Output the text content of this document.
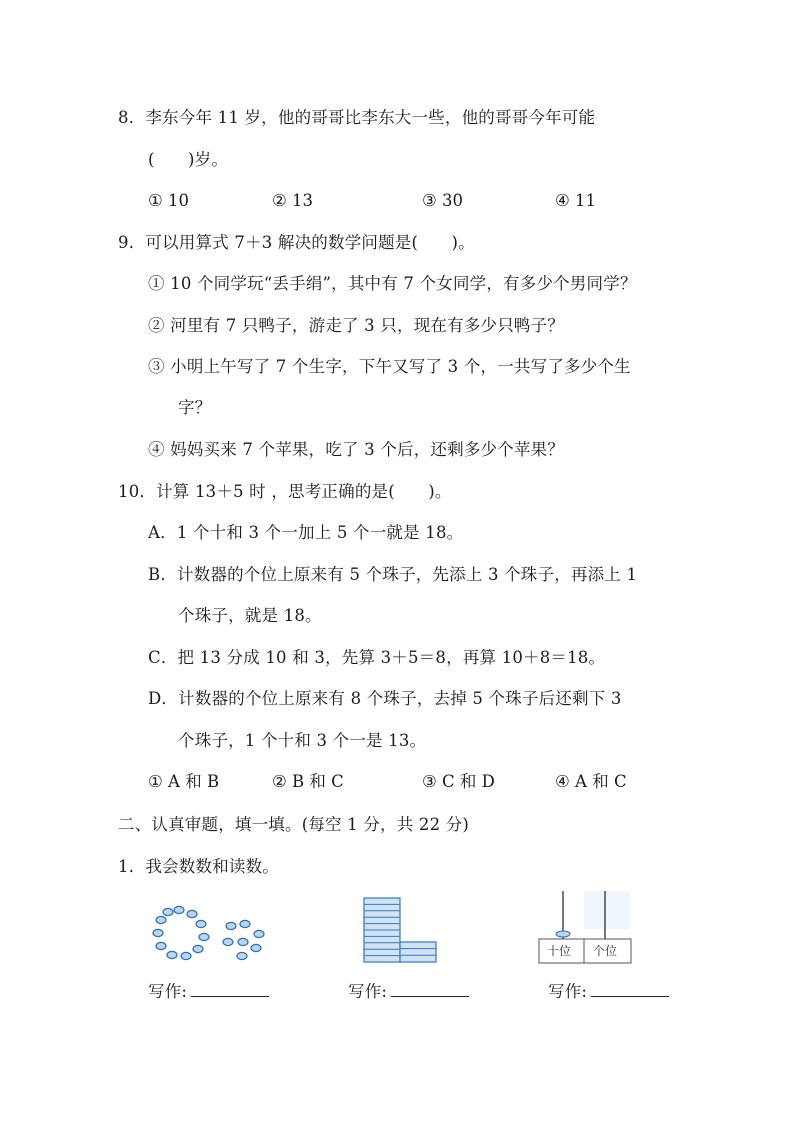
8．李东今年 11 岁，他的哥哥比李东大一些，他的哥哥今年可能
(　　)岁。
① 10	② 13	③ 30	④ 11
9．可以用算式 7＋3 解决的数学问题是(　　)。
① 10 个同学玩“丢手绢”，其中有 7 个女同学，有多少个男同学？
② 河里有 7 只鸭子，游走了 3 只，现在有多少只鸭子？
③ 小明上午写了 7 个生字，下午又写了 3 个，一共写了多少个生
字？
④ 妈妈买来 7 个苹果，吃了 3 个后，还剩多少个苹果？
10．计算 13＋5 时 ，思考正确的是(　　)。
A．1 个十和 3 个一加上 5 个一就是 18。
B．计数器的个位上原来有 5 个珠子，先添上 3 个珠子，再添上 1
个珠子，就是 18。
C．把 13 分成 10 和 3，先算 3＋5＝8，再算 10＋8＝18。
D．计数器的个位上原来有 8 个珠子，去掉 5 个珠子后还剩下 3
个珠子，1 个十和 3 个一是 13。
① A 和 B	② B 和 C	③ C 和 D	④ A 和 C
二、认真审题，填一填。(每空 1 分，共 22 分)
1．我会数数和读数。
十位 个位
写作:	写作:	写作:
